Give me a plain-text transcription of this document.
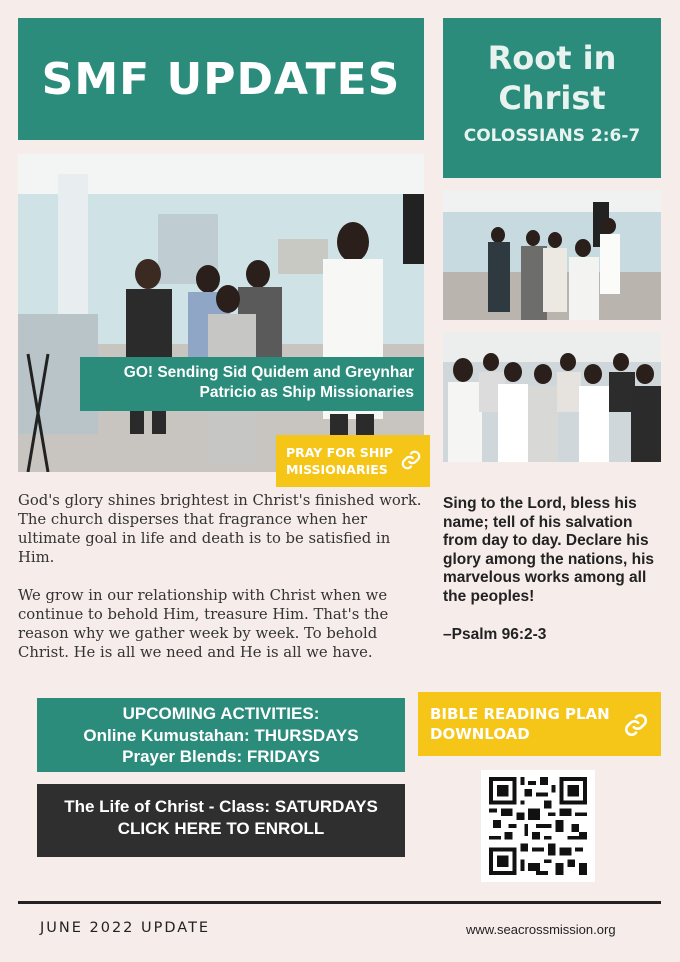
SMF UPDATES	Root in
Christ
COLOSSIANS 2:6-7
GO! Sending Sid Quidem and Greynhar
Patricio as Ship Missionaries
PRAY FOR SHIP
MISSIONARIES

God's glory shines brightest in Christ's finished work. The church disperses that fragrance when her ultimate goal in life and death is to be satisfied in Him.

We grow in our relationship with Christ when we continue to behold Him, treasure Him. That's the reason why we gather week by week. To behold Christ. He is all we need and He is all we have.

Sing to the Lord, bless his name; tell of his salvation from day to day. Declare his glory among the nations, his marvelous works among all the peoples!
–Psalm 96:2-3
UPCOMING ACTIVITIES:
Online Kumustahan: THURSDAYS
Prayer Blends: FRIDAYS
BIBLE READING PLAN
DOWNLOAD
The Life of Christ - Class: SATURDAYS
CLICK HERE TO ENROLL
JUNE 2022 UPDATE	www.seacrossmission.org
